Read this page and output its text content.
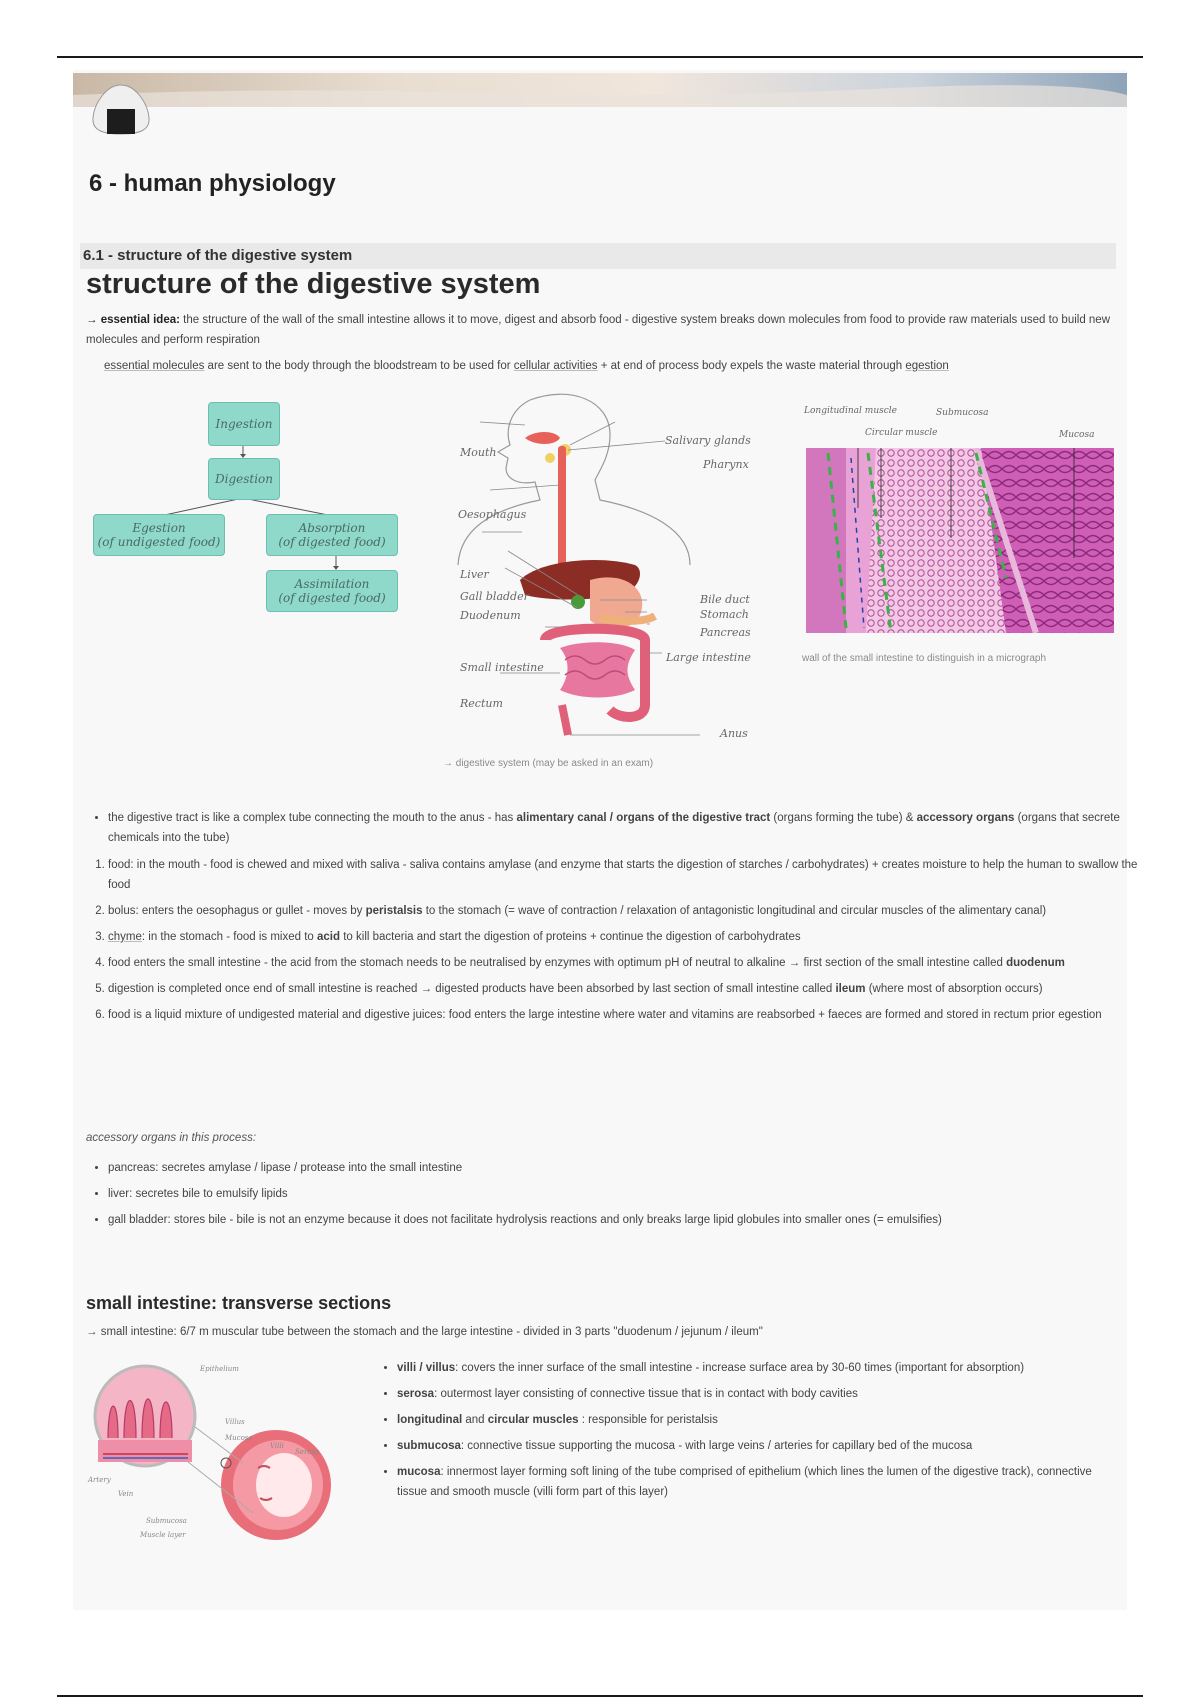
6 - human physiology
6.1 - structure of the digestive system
structure of the digestive system

→ essential idea: the structure of the wall of the small intestine allows it to move, digest and absorb food - digestive system breaks down molecules from food to provide raw materials used to build new molecules and perform respiration

essential molecules are sent to the body through the bloodstream to be used for cellular activities + at end of process body expels the waste material through egestion

Ingestion
Digestion
Egestion
(of undigested food)
Absorption
(of digested food)
Assimilation
(of digested food)
Mouth
Oesophagus
Liver
Gall bladder
Duodenum
Small intestine
Rectum
Salivary glands
Pharynx
Bile duct
Stomach
Pancreas
Large intestine
Anus
→ digestive system (may be asked in an exam)
Longitudinal muscle
Circular muscle
Submucosa
Mucosa
wall of the small intestine to distinguish in a micrograph
• the digestive tract is like a complex tube connecting the mouth to the anus - has alimentary canal / organs of the digestive tract (organs forming the tube) & accessory organs (organs that secrete chemicals into the tube)
1. food: in the mouth - food is chewed and mixed with saliva - saliva contains amylase (and enzyme that starts the digestion of starches / carbohydrates) + creates moisture to help the human to swallow the food
2. bolus: enters the oesophagus or gullet - moves by peristalsis to the stomach (= wave of contraction / relaxation of antagonistic longitudinal and circular muscles of the alimentary canal)
3. chyme: in the stomach - food is mixed to acid to kill bacteria and start the digestion of proteins + continue the digestion of carbohydrates
4. food enters the small intestine - the acid from the stomach needs to be neutralised by enzymes with optimum pH of neutral to alkaline → first section of the small intestine called duodenum
5. digestion is completed once end of small intestine is reached → digested products have been absorbed by last section of small intestine called ileum (where most of absorption occurs)
6. food is a liquid mixture of undigested material and digestive juices: food enters the large intestine where water and vitamins are reabsorbed + faeces are formed and stored in rectum prior egestion
accessory organs in this process:
• pancreas: secretes amylase / lipase / protease into the small intestine
• liver: secretes bile to emulsify lipids
• gall bladder: stores bile - bile is not an enzyme because it does not facilitate hydrolysis reactions and only breaks large lipid globules into smaller ones (= emulsifies)
small intestine: transverse sections

→ small intestine: 6/7 m muscular tube between the stomach and the large intestine - divided in 3 parts "duodenum / jejunum / ileum"

Epithelium
Villus
Mucosa
Villi
Serosa
Artery
Vein
Submucosa
Muscle layer
• villi / villus: covers the inner surface of the small intestine - increase surface area by 30-60 times (important for absorption)
• serosa: outermost layer consisting of connective tissue that is in contact with body cavities
• longitudinal and circular muscles : responsible for peristalsis
• submucosa: connective tissue supporting the mucosa - with large veins / arteries for capillary bed of the mucosa
• mucosa: innermost layer forming soft lining of the tube comprised of epithelium (which lines the lumen of the digestive track), connective tissue and smooth muscle (villi form part of this layer)
